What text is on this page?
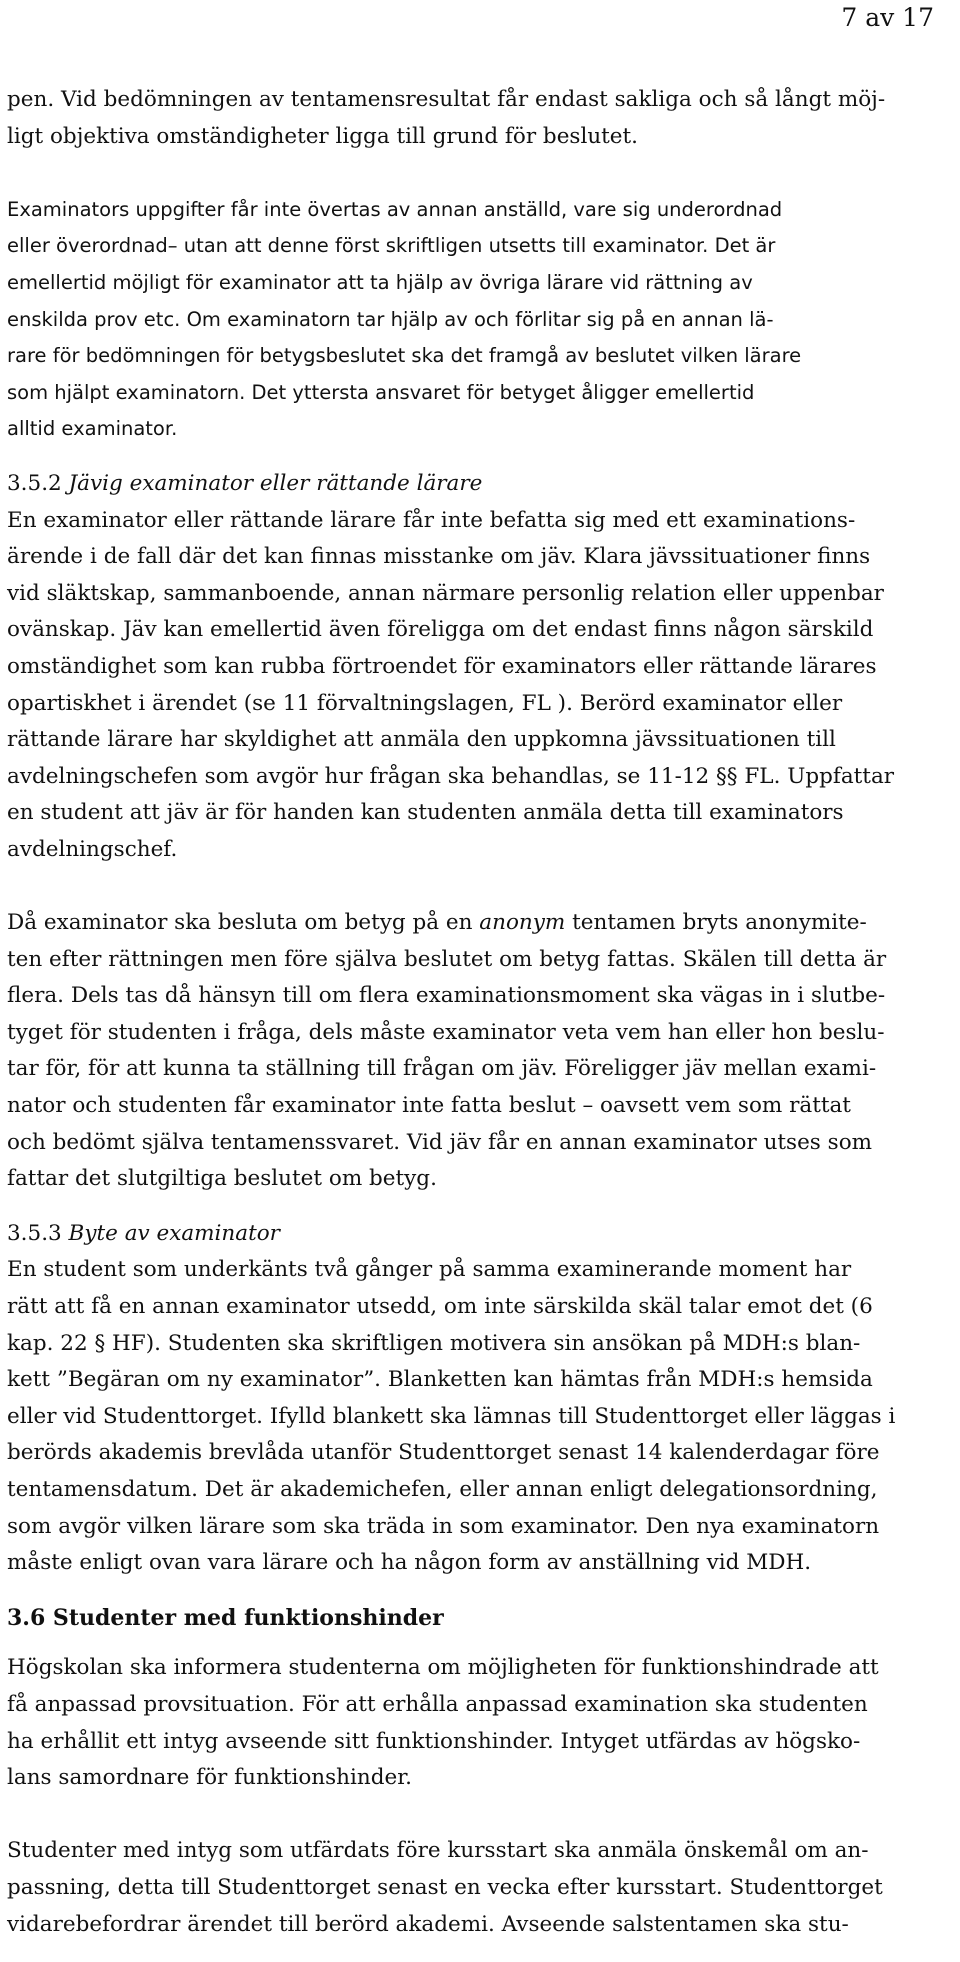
7 av 17
pen. Vid bedömningen av tentamensresultat får endast sakliga och så långt möj-
ligt objektiva omständigheter ligga till grund för beslutet.
Examinators uppgifter får inte övertas av annan anställd, vare sig underordnad
eller överordnad– utan att denne först skriftligen utsetts till examinator. Det är
emellertid möjligt för examinator att ta hjälp av övriga lärare vid rättning av
enskilda prov etc. Om examinatorn tar hjälp av och förlitar sig på en annan lä-
rare för bedömningen för betygsbeslutet ska det framgå av beslutet vilken lärare
som hjälpt examinatorn. Det yttersta ansvaret för betyget åligger emellertid
alltid examinator.
3.5.2 Jävig examinator eller rättande lärare
En examinator eller rättande lärare får inte befatta sig med ett examinations-
ärende i de fall där det kan finnas misstanke om jäv. Klara jävssituationer finns
vid släktskap, sammanboende, annan närmare personlig relation eller uppenbar
ovänskap. Jäv kan emellertid även föreligga om det endast finns någon särskild
omständighet som kan rubba förtroendet för examinators eller rättande lärares
opartiskhet i ärendet (se 11 förvaltningslagen, FL ). Berörd examinator eller
rättande lärare har skyldighet att anmäla den uppkomna jävssituationen till
avdelningschefen som avgör hur frågan ska behandlas, se 11-12 §§ FL. Uppfattar
en student att jäv är för handen kan studenten anmäla detta till examinators
avdelningschef.
Då examinator ska besluta om betyg på en anonym tentamen bryts anonymite-
ten efter rättningen men före själva beslutet om betyg fattas. Skälen till detta är
flera. Dels tas då hänsyn till om flera examinationsmoment ska vägas in i slutbe-
tyget för studenten i fråga, dels måste examinator veta vem han eller hon beslu-
tar för, för att kunna ta ställning till frågan om jäv. Föreligger jäv mellan exami-
nator och studenten får examinator inte fatta beslut – oavsett vem som rättat
och bedömt själva tentamenssvaret. Vid jäv får en annan examinator utses som
fattar det slutgiltiga beslutet om betyg.
3.5.3 Byte av examinator
En student som underkänts två gånger på samma examinerande moment har
rätt att få en annan examinator utsedd, om inte särskilda skäl talar emot det (6
kap. 22 § HF). Studenten ska skriftligen motivera sin ansökan på MDH:s blan-
kett ”Begäran om ny examinator”. Blanketten kan hämtas från MDH:s hemsida
eller vid Studenttorget. Ifylld blankett ska lämnas till Studenttorget eller läggas i
berörds akademis brevlåda utanför Studenttorget senast 14 kalenderdagar före
tentamensdatum. Det är akademichefen, eller annan enligt delegationsordning,
som avgör vilken lärare som ska träda in som examinator. Den nya examinatorn
måste enligt ovan vara lärare och ha någon form av anställning vid MDH.
3.6 Studenter med funktionshinder
Högskolan ska informera studenterna om möjligheten för funktionshindrade att
få anpassad provsituation. För att erhålla anpassad examination ska studenten
ha erhållit ett intyg avseende sitt funktionshinder. Intyget utfärdas av högsko-
lans samordnare för funktionshinder.
Studenter med intyg som utfärdats före kursstart ska anmäla önskemål om an-
passning, detta till Studenttorget senast en vecka efter kursstart. Studenttorget
vidarebefordrar ärendet till berörd akademi. Avseende salstentamen ska stu-
